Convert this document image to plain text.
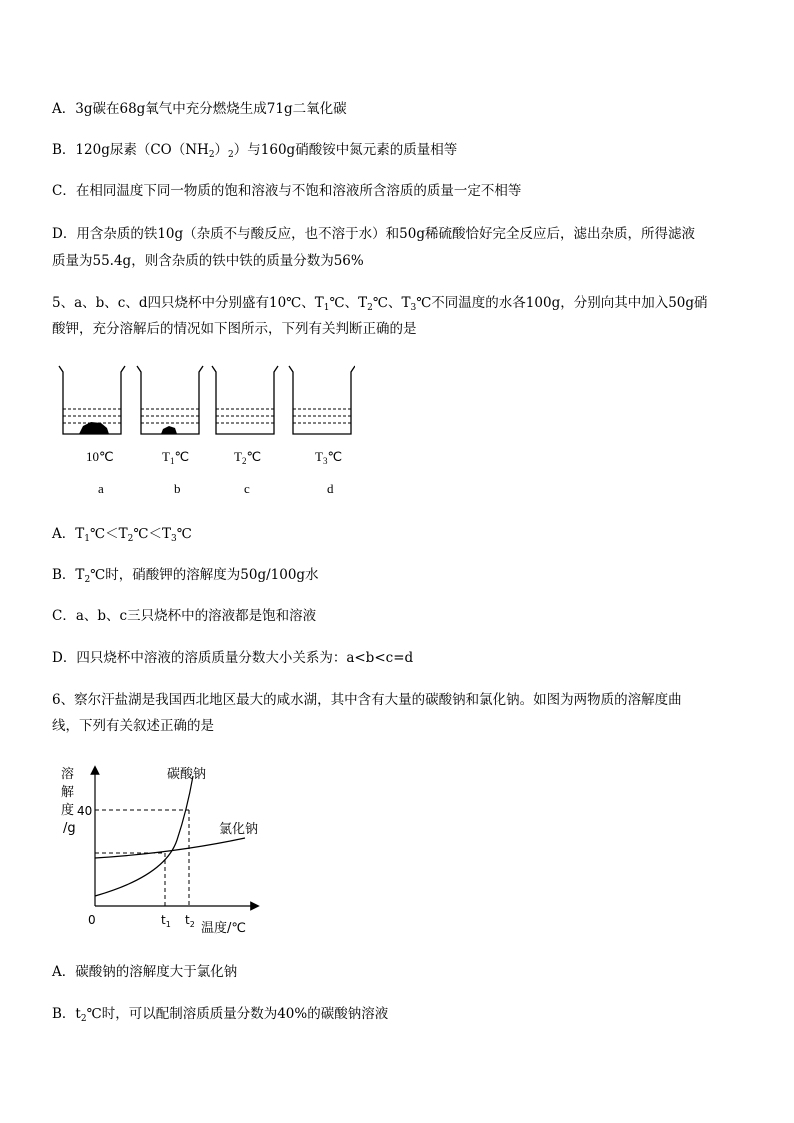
A．3g碳在68g氧气中充分燃烧生成71g二氧化碳
B．120g尿素$(CO(NH_2)_2)$与160g硝酸铵中氮元素的质量相等
C．在相同温度下同一物质的饱和溶液与不饱和溶液所含溶质的质量一定不相等
D．用含杂质的铁10g（杂质不与酸反应，也不溶于水）和50g稀硫酸恰好完全反应后，滤出杂质，所得滤液
质量为55.4g，则含杂质的铁中铁的质量分数为56%
5、a、b、c、d四只烧杯中分别盛有10℃、$T_1℃$、$T_2℃$、$T_3℃$不同温度的水各100g，分别向其中加入50g硝
酸钾，充分溶解后的情况如下图所示，下列有关判断正确的是
10℃	$T_1℃$	$T_2℃$	$T_3℃$
a	b	c	d
A．$T_1℃<T_2℃<T_3℃$
B．$T_2℃$时，硝酸钾的溶解度为50g/100g水
C．a、b、c三只烧杯中的溶液都是饱和溶液
D．四只烧杯中溶液的溶质质量分数大小关系为：a<b<c=d
6、察尔汗盐湖是我国西北地区最大的咸水湖，其中含有大量的碳酸钠和氯化钠。如图为两物质的溶解度曲
线，下列有关叙述正确的是
溶
解
度
/g
40
0
碳酸钠
氯化钠
$t_1$ $t_2$ 温度/℃
A．碳酸钠的溶解度大于氯化钠
B．$t_2℃$时，可以配制溶质质量分数为40%的碳酸钠溶液
